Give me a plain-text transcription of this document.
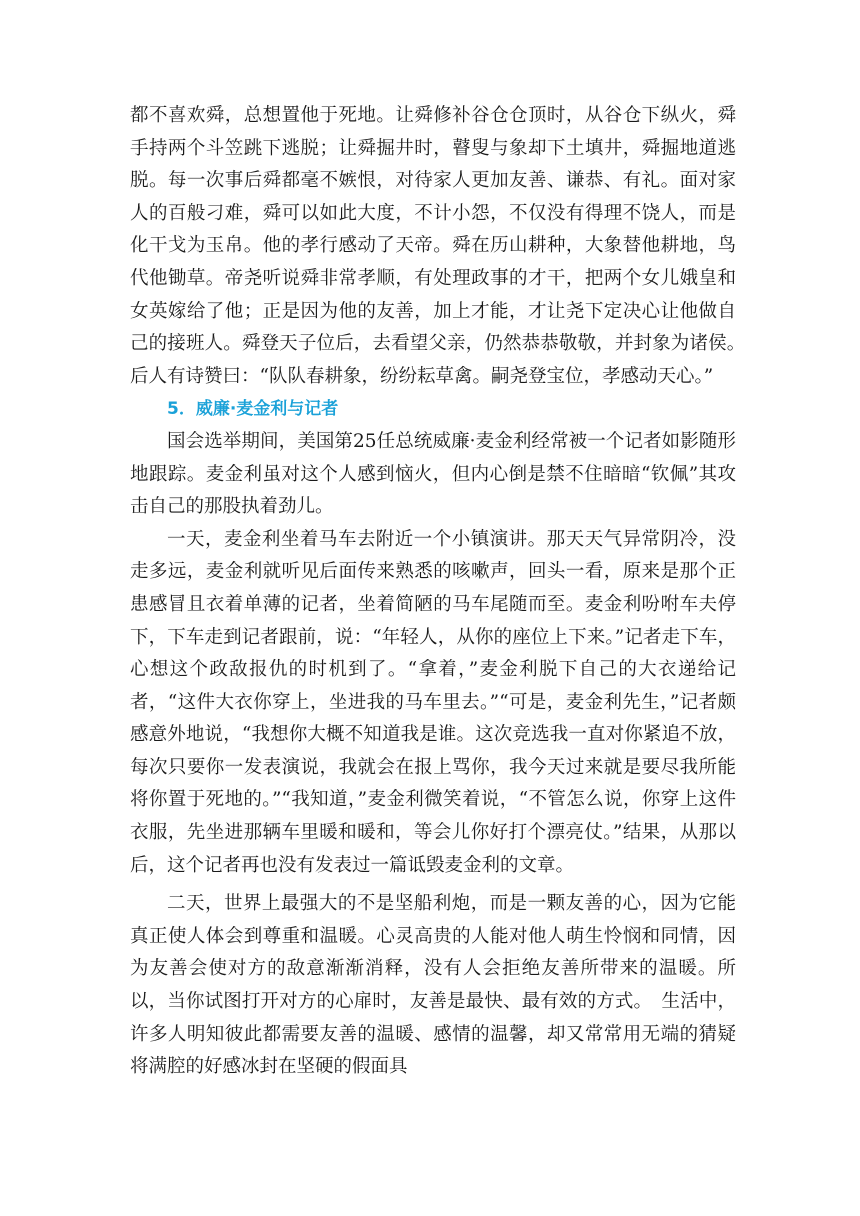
都不喜欢舜，总想置他于死地。让舜修补谷仓仓顶时，从谷仓下纵火，舜手持两个斗笠跳下逃脱；让舜掘井时，瞽叟与象却下土填井，舜掘地道逃脱。每一次事后舜都毫不嫉恨，对待家人更加友善、谦恭、有礼。面对家人的百般刁难，舜可以如此大度，不计小怨，不仅没有得理不饶人，而是化干戈为玉帛。他的孝行感动了天帝。舜在历山耕种，大象替他耕地，鸟代他锄草。帝尧听说舜非常孝顺，有处理政事的才干，把两个女儿娥皇和女英嫁给了他；正是因为他的友善，加上才能，才让尧下定决心让他做自己的接班人。舜登天子位后，去看望父亲，仍然恭恭敬敬，并封象为诸侯。　后人有诗赞曰：“队队春耕象，纷纷耘草禽。嗣尧登宝位，孝感动天心。”

5．威廉·麦金利与记者

国会选举期间，美国第25任总统威廉·麦金利经常被一个记者如影随形地跟踪。麦金利虽对这个人感到恼火，但内心倒是禁不住暗暗“钦佩”其攻击自己的那股执着劲儿。

一天，麦金利坐着马车去附近一个小镇演讲。那天天气异常阴冷，没走多远，麦金利就听见后面传来熟悉的咳嗽声，回头一看，原来是那个正患感冒且衣着单薄的记者，坐着简陋的马车尾随而至。麦金利吩咐车夫停下，下车走到记者跟前，说：“年轻人，从你的座位上下来。”记者走下车，心想这个政敌报仇的时机到了。“拿着，”麦金利脱下自己的大衣递给记者，“这件大衣你穿上，坐进我的马车里去。”“可是，麦金利先生，”记者颇感意外地说，“我想你大概不知道我是谁。这次竞选我一直对你紧追不放，每次只要你一发表演说，我就会在报上骂你，我今天过来就是要尽我所能将你置于死地的。”“我知道，”麦金利微笑着说，“不管怎么说，你穿上这件衣服，先坐进那辆车里暖和暖和，等会儿你好打个漂亮仗。”结果，从那以后，这个记者再也没有发表过一篇诋毁麦金利的文章。

二天，世界上最强大的不是坚船利炮，而是一颗友善的心，因为它能真正使人体会到尊重和温暖。心灵高贵的人能对他人萌生怜悯和同情，因为友善会使对方的敌意渐渐消释，没有人会拒绝友善所带来的温暖。所以，当你试图打开对方的心扉时，友善是最快、最有效的方式。　生活中，许多人明知彼此都需要友善的温暖、感情的温馨，却又常常用无端的猜疑将满腔的好感冰封在坚硬的假面具
